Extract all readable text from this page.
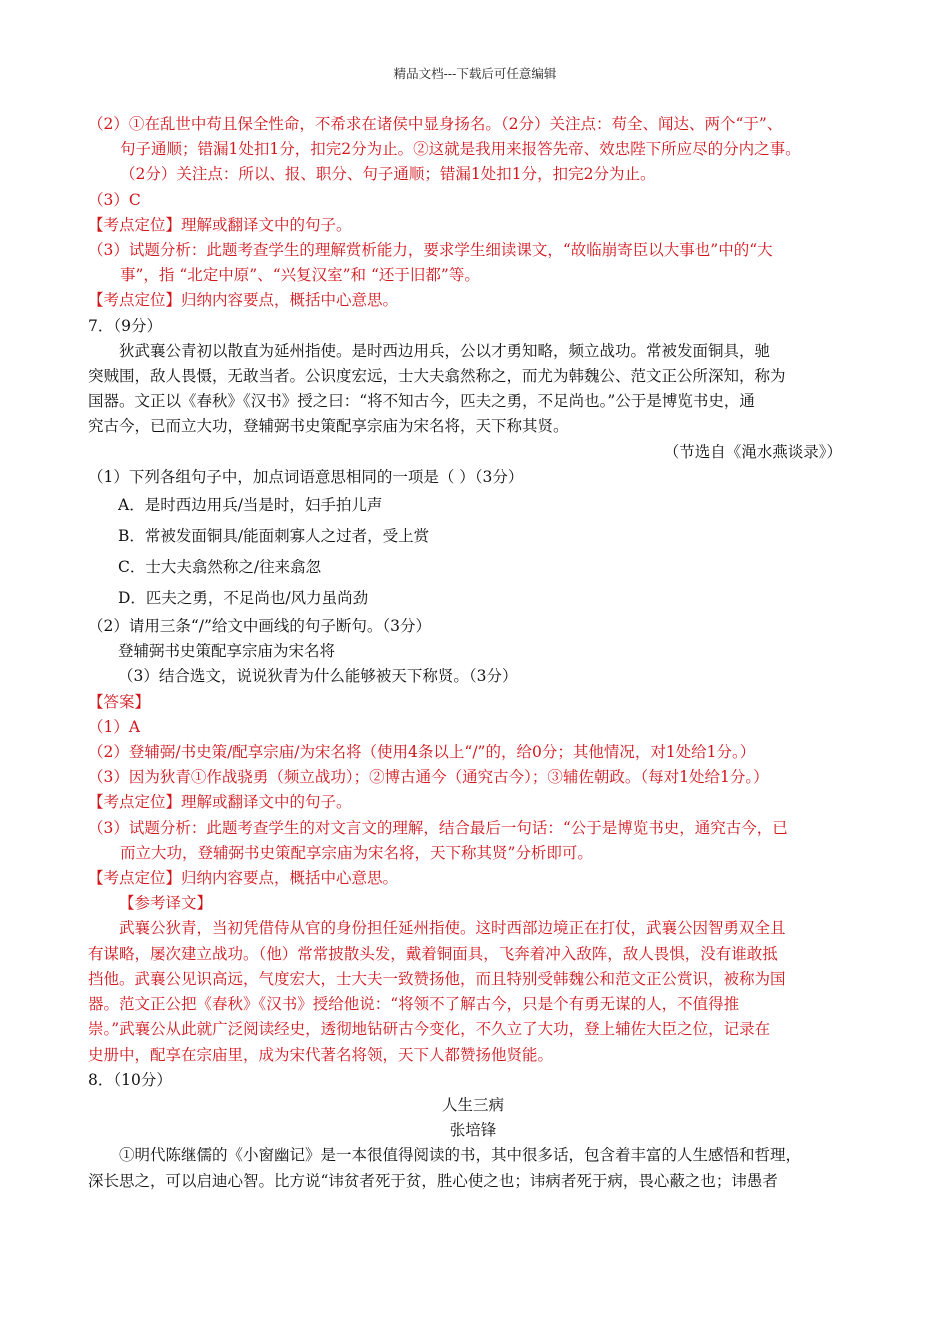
精品文档---下载后可任意编辑
（2）①在乱世中苟且保全性命，不希求在诸侯中显身扬名。（2分）关注点：苟全、闻达、两个“于”、
句子通顺；错漏1处扣1分，扣完2分为止。②这就是我用来报答先帝、效忠陛下所应尽的分内之事。
（2分）关注点：所以、报、职分、句子通顺；错漏1处扣1分，扣完2分为止。
（3）C
【考点定位】理解或翻译文中的句子。
（3）试题分析：此题考查学生的理解赏析能力，要求学生细读课文，“故临崩寄臣以大事也”中的“大
事”，指 “北定中原”、“兴复汉室”和 “还于旧都”等。
【考点定位】归纳内容要点，概括中心意思。
7．（9分）
狄武襄公青初以散直为延州指使。是时西边用兵，公以才勇知略，频立战功。常被发面铜具，驰
突贼围，敌人畏慑，无敢当者。公识度宏远，士大夫翕然称之，而尤为韩魏公、范文正公所深知，称为
国器。文正以《春秋》《汉书》授之曰：“将不知古今，匹夫之勇，不足尚也。”公于是博览书史，通
究古今，已而立大功，登辅弼书史策配享宗庙为宋名将，天下称其贤。
（节选自《渑水燕谈录》）
（1）下列各组句子中，加点词语意思相同的一项是（ ）（3分）
A．是时西边用兵/当是时，妇手拍儿声
B．常被发面铜具/能面刺寡人之过者，受上赏
C．士大夫翕然称之/往来翕忽
D．匹夫之勇，不足尚也/风力虽尚劲
（2）请用三条“/”给文中画线的句子断句。（3分）
登辅弼书史策配享宗庙为宋名将
（3）结合选文，说说狄青为什么能够被天下称贤。（3分）
【答案】
（1）A
（2）登辅弼/书史策/配享宗庙/为宋名将（使用4条以上“/”的，给0分；其他情况，对1处给1分。）
（3）因为狄青①作战骁勇（频立战功）；②博古通今（通究古今）；③辅佐朝政。（每对1处给1分。）
【考点定位】理解或翻译文中的句子。
（3）试题分析：此题考查学生的对文言文的理解，结合最后一句话：“公于是博览书史，通究古今，已
而立大功，登辅弼书史策配享宗庙为宋名将，天下称其贤”分析即可。
【考点定位】归纳内容要点，概括中心意思。
【参考译文】
武襄公狄青，当初凭借侍从官的身份担任延州指使。这时西部边境正在打仗，武襄公因智勇双全且
有谋略，屡次建立战功。（他）常常披散头发，戴着铜面具，飞奔着冲入敌阵，敌人畏惧，没有谁敢抵
挡他。武襄公见识高远，气度宏大，士大夫一致赞扬他，而且特别受韩魏公和范文正公赏识，被称为国
器。范文正公把《春秋》《汉书》授给他说：“将领不了解古今，只是个有勇无谋的人，不值得推
崇。”武襄公从此就广泛阅读经史，透彻地钻研古今变化，不久立了大功，登上辅佐大臣之位，记录在
史册中，配享在宗庙里，成为宋代著名将领，天下人都赞扬他贤能。
8．（10分）
人生三病
张培锋
①明代陈继儒的《小窗幽记》是一本很值得阅读的书，其中很多话，包含着丰富的人生感悟和哲理，
深长思之，可以启迪心智。比方说“讳贫者死于贫，胜心使之也；讳病者死于病，畏心蔽之也；讳愚者
